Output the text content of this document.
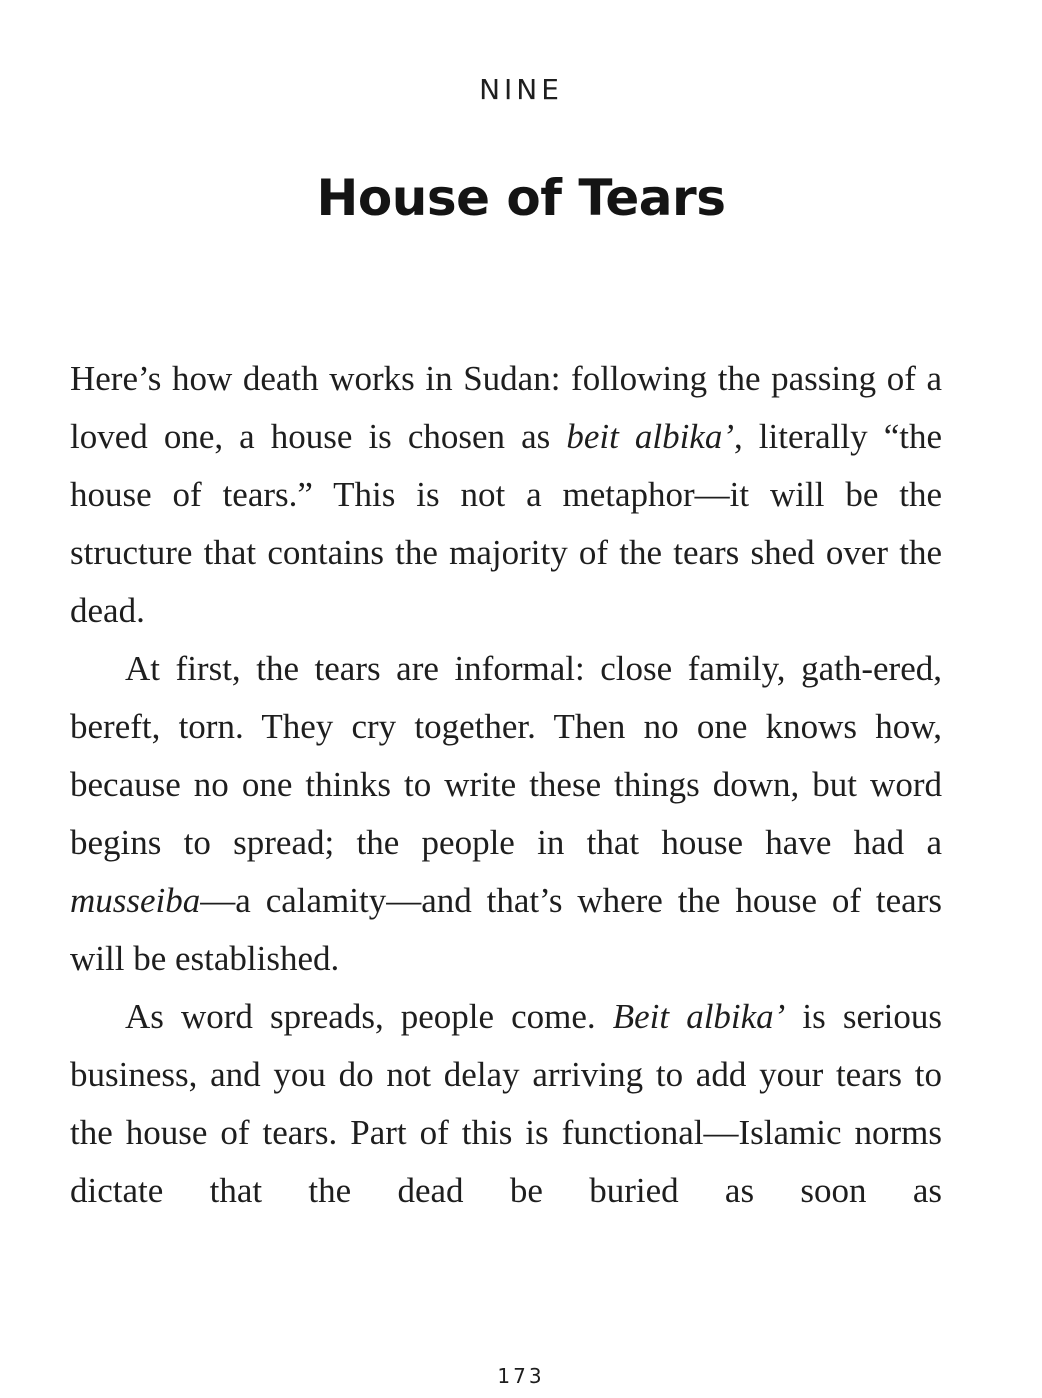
NINE
House of Tears

Here’s how death works in Sudan: following the passing of a loved one, a house is chosen as beit albika’, literally “the house of tears.” This is not a metaphor—it will be the structure that contains the majority of the tears shed over the dead.

At first, the tears are informal: close family, gath-ered, bereft, torn. They cry together. Then no one knows how, because no one thinks to write these things down, but word begins to spread; the people in that house have had a musseiba—a calamity—and that’s where the house of tears will be established.

As word spreads, people come. Beit albika’ is serious business, and you do not delay arriving to add your tears to the house of tears. Part of this is functional—Islamic norms dictate that the dead be buried as soon as

173
